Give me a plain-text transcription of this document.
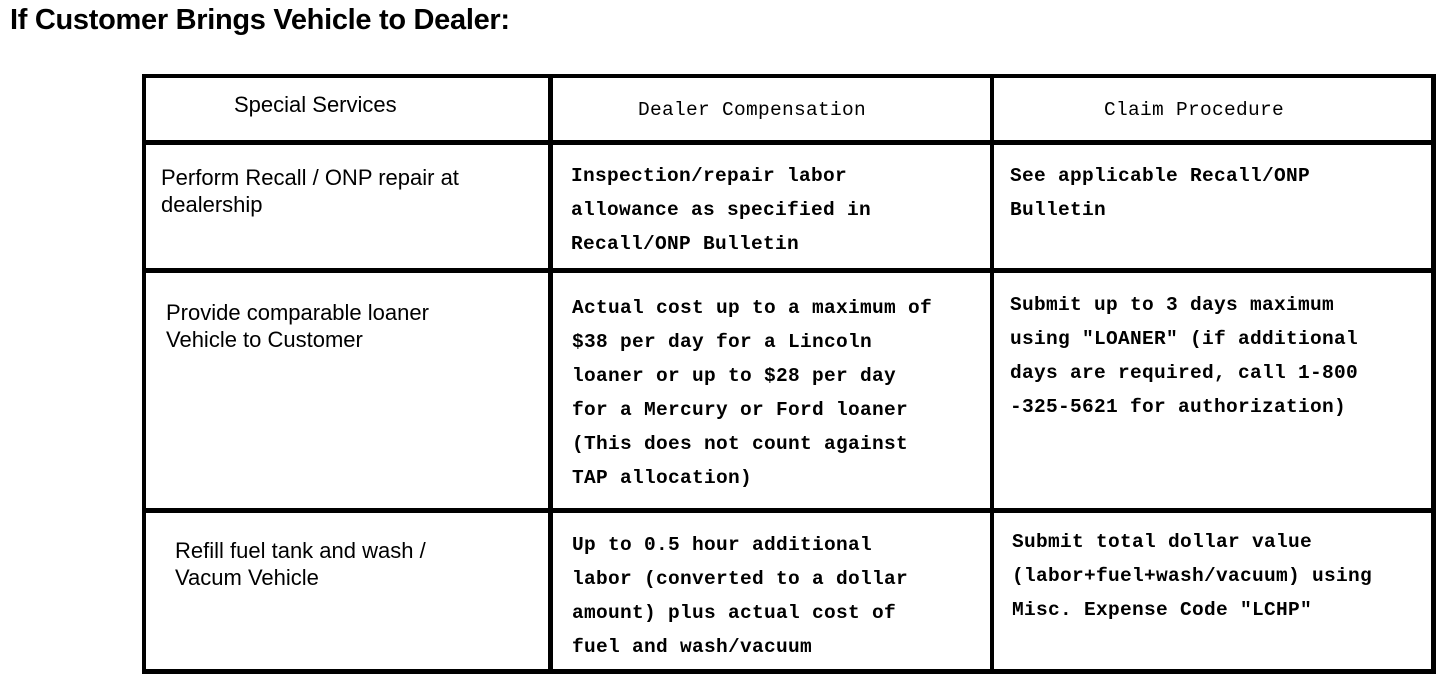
If Customer Brings Vehicle to Dealer:
Special Services	Dealer Compensation	Claim Procedure
Perform Recall / ONP repair at
dealership
Inspection/repair labor
allowance as specified in
Recall/ONP Bulletin
See applicable Recall/ONP
Bulletin
Provide comparable loaner
Vehicle to Customer
Actual cost up to a maximum of
$38 per day for a Lincoln
loaner or up to $28 per day
for a Mercury or Ford loaner
(This does not count against
TAP allocation)
Submit up to 3 days maximum
using "LOANER" (if additional
days are required, call 1-800
-325-5621 for authorization)
Refill fuel tank and wash /
Vacum Vehicle
Up to 0.5 hour additional
labor (converted to a dollar
amount) plus actual cost of
fuel and wash/vacuum
Submit total dollar value
(labor+fuel+wash/vacuum) using
Misc. Expense Code "LCHP"
